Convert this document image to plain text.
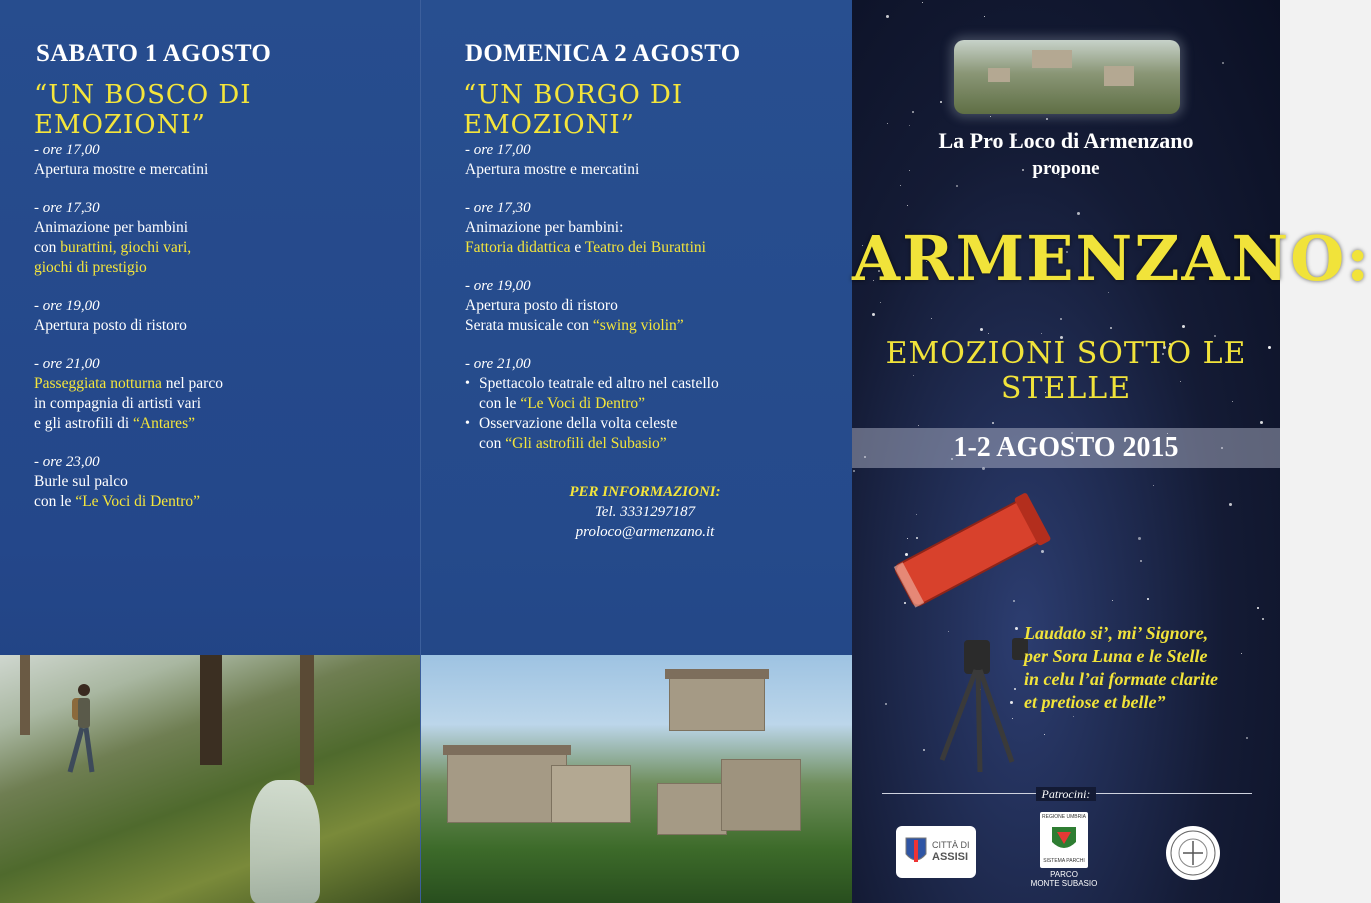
SABATO 1 AGOSTO
“UN BOSCO DI EMOZIONI”
- ore 17,00
Apertura mostre e mercatini
- ore 17,30
Animazione per bambini
con burattini, giochi vari,
giochi di prestigio
- ore 19,00
Apertura posto di ristoro
- ore 21,00
Passeggiata notturna nel parco
in compagnia di artisti vari
e gli astrofili di “Antares”
- ore 23,00
Burle sul palco
con le “Le Voci di Dentro”
DOMENICA 2 AGOSTO
“UN BORGO DI EMOZIONI”
- ore 17,00
Apertura mostre e mercatini
- ore 17,30
Animazione per bambini:
Fattoria didattica e Teatro dei Burattini
- ore 19,00
Apertura posto di ristoro
Serata musicale con “swing violin”
- ore 21,00
• Spettacolo teatrale ed altro nel castello
con le “Le Voci di Dentro”
• Osservazione della volta celeste
con “Gli astrofili del Subasio”
PER INFORMAZIONI:
Tel. 3331297187
proloco@armenzano.it
La Pro Loco di Armenzano
propone
ARMENZANO:
EMOZIONI SOTTO LE STELLE
1-2 AGOSTO 2015
Laudato si’, mi’ Signore,
per Sora Luna e le Stelle
in celu l’ai formate clarite
et pretiose et belle”
Patrocini:
CITTÀ DI
ASSISI
REGIONE UMBRIA
SISTEMA PARCHI
PARCO
MONTE SUBASIO
